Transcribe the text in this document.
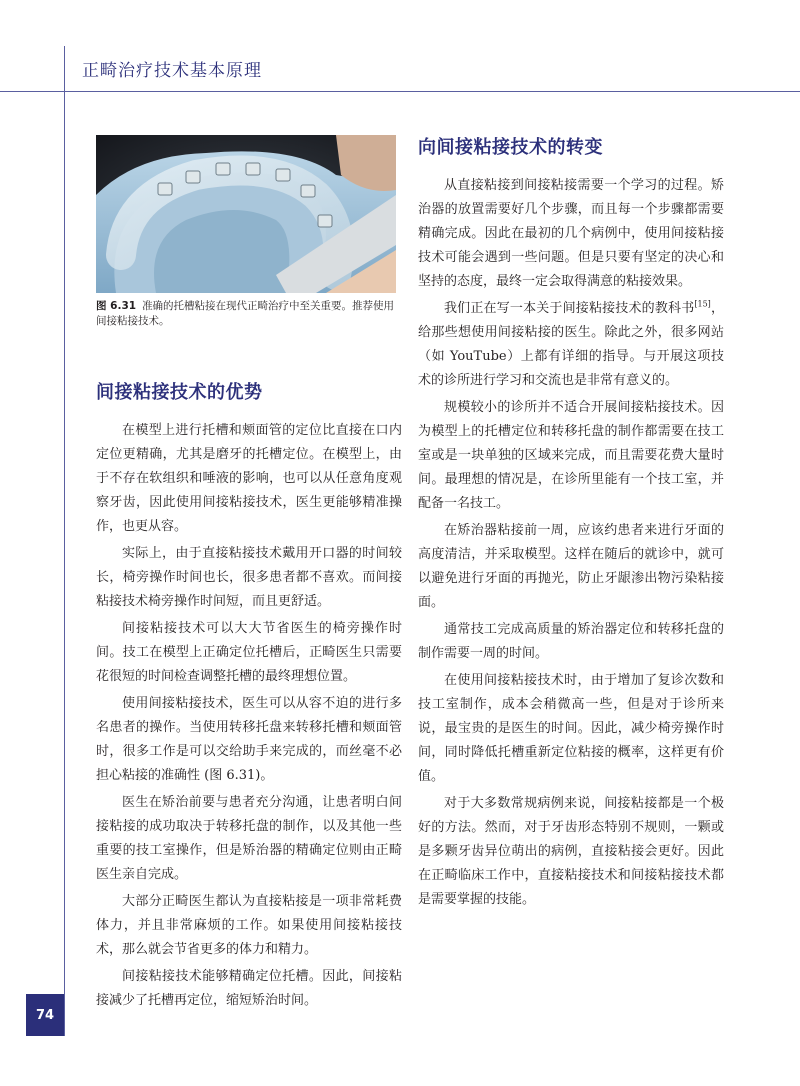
正畸治疗技术基本原理
图 6.31 准确的托槽粘接在现代正畸治疗中至关重要。推荐使用间接粘接技术。
间接粘接技术的优势

在模型上进行托槽和颊面管的定位比直接在口内定位更精确，尤其是磨牙的托槽定位。在模型上，由于不存在软组织和唾液的影响，也可以从任意角度观察牙齿，因此使用间接粘接技术，医生更能够精准操作，也更从容。

实际上，由于直接粘接技术戴用开口器的时间较长，椅旁操作时间也长，很多患者都不喜欢。而间接粘接技术椅旁操作时间短，而且更舒适。

间接粘接技术可以大大节省医生的椅旁操作时间。技工在模型上正确定位托槽后，正畸医生只需要花很短的时间检查调整托槽的最终理想位置。

使用间接粘接技术，医生可以从容不迫的进行多名患者的操作。当使用转移托盘来转移托槽和颊面管时，很多工作是可以交给助手来完成的，而丝毫不必担心粘接的准确性 (图 6.31)。

医生在矫治前要与患者充分沟通，让患者明白间接粘接的成功取决于转移托盘的制作，以及其他一些重要的技工室操作，但是矫治器的精确定位则由正畸医生亲自完成。

大部分正畸医生都认为直接粘接是一项非常耗费体力，并且非常麻烦的工作。如果使用间接粘接技术，那么就会节省更多的体力和精力。

间接粘接技术能够精确定位托槽。因此，间接粘接减少了托槽再定位，缩短矫治时间。

向间接粘接技术的转变

从直接粘接到间接粘接需要一个学习的过程。矫治器的放置需要好几个步骤，而且每一个步骤都需要精确完成。因此在最初的几个病例中，使用间接粘接技术可能会遇到一些问题。但是只要有坚定的决心和坚持的态度，最终一定会取得满意的粘接效果。

我们正在写一本关于间接粘接技术的教科书[15]，给那些想使用间接粘接的医生。除此之外，很多网站（如 YouTube）上都有详细的指导。与开展这项技术的诊所进行学习和交流也是非常有意义的。

规模较小的诊所并不适合开展间接粘接技术。因为模型上的托槽定位和转移托盘的制作都需要在技工室或是一块单独的区域来完成，而且需要花费大量时间。最理想的情况是，在诊所里能有一个技工室，并配备一名技工。

在矫治器粘接前一周，应该约患者来进行牙面的高度清洁，并采取模型。这样在随后的就诊中，就可以避免进行牙面的再抛光，防止牙龈渗出物污染粘接面。

通常技工完成高质量的矫治器定位和转移托盘的制作需要一周的时间。

在使用间接粘接技术时，由于增加了复诊次数和技工室制作，成本会稍微高一些，但是对于诊所来说，最宝贵的是医生的时间。因此，减少椅旁操作时间，同时降低托槽重新定位粘接的概率，这样更有价值。

对于大多数常规病例来说，间接粘接都是一个极好的方法。然而，对于牙齿形态特别不规则，一颗或是多颗牙齿异位萌出的病例，直接粘接会更好。因此在正畸临床工作中，直接粘接技术和间接粘接技术都是需要掌握的技能。

74
